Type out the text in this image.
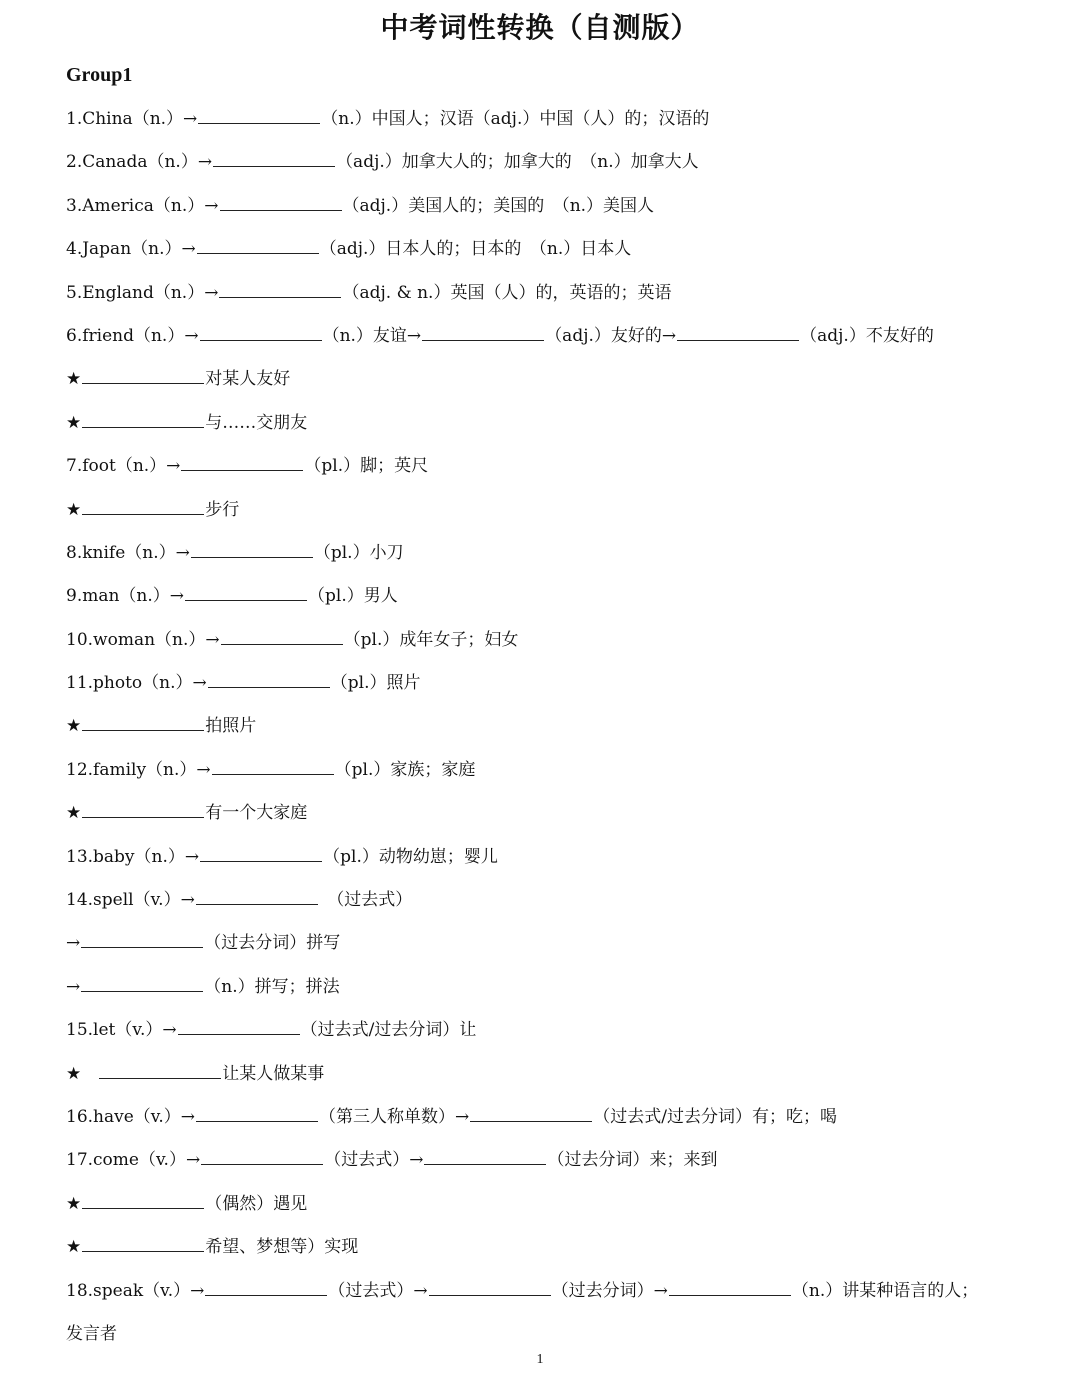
中考词性转换（自测版）
Group1
1.China（n.）→	（n.）中国人；汉语（adj.）中国（人）的；汉语的
2.Canada（n.）→	（adj.）加拿大人的；加拿大的　（n.）加拿大人
3.America（n.）→	（adj.）美国人的；美国的　（n.）美国人
4.Japan（n.）→	（adj.）日本人的；日本的　（n.）日本人
5.England（n.）→	（adj. & n.）英国（人）的，英语的；英语
6.friend（n.）→	（n.）友谊→	（adj.）友好的→	（adj.）不友好的
★	对某人友好
★	与……交朋友
7.foot（n.）→	（pl.）脚；英尺
★	步行
8.knife（n.）→	（pl.）小刀
9.man（n.）→	（pl.）男人
10.woman（n.）→	（pl.）成年女子；妇女
11.photo（n.）→	（pl.）照片
★	拍照片
12.family（n.）→	（pl.）家族；家庭
★	有一个大家庭
13.baby（n.）→	（pl.）动物幼崽；婴儿
14.spell（v.）→	　（过去式）
→	（过去分词）拼写
→	（n.）拼写；拼法
15.let（v.）→	（过去式/过去分词）让
★　	让某人做某事
16.have（v.）→	（第三人称单数）→	（过去式/过去分词）有；吃；喝
17.come（v.）→	（过去式）→	（过去分词）来；来到
★	（偶然）遇见
★	希望、梦想等）实现
18.speak（v.）→	（过去式）→	（过去分词）→	（n.）讲某种语言的人；
发言者
1
